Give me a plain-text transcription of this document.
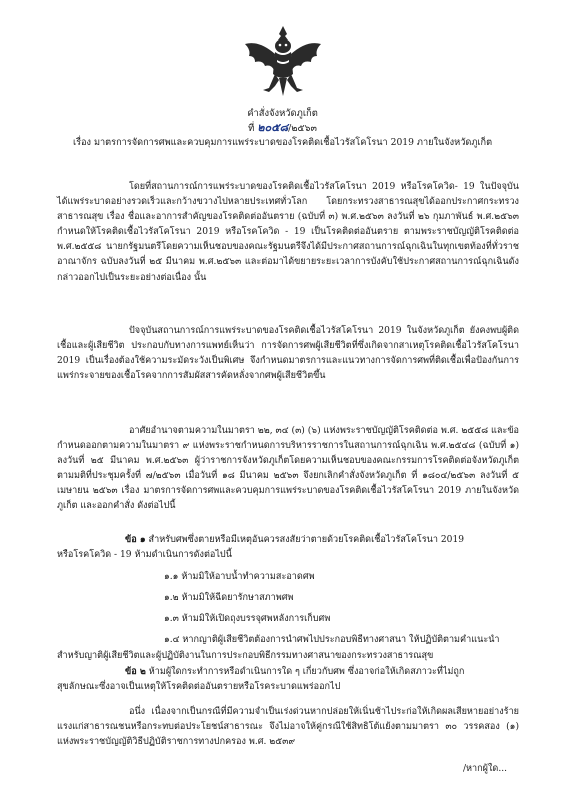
คำสั่งจังหวัดภูเก็ต
ที่ ๒๐๕๘/๒๕๖๓
เรื่อง มาตรการจัดการศพและควบคุมการแพร่ระบาดของโรคติดเชื้อไวรัสโคโรนา 2019 ภายในจังหวัดภูเก็ต

โดยที่สถานการณ์การแพร่ระบาดของโรคติดเชื้อไวรัสโคโรนา 2019 หรือโรคโควิด- 19 ในปัจจุบันได้แพร่ระบาดอย่างรวดเร็วและกว้างขวางไปหลายประเทศทั่วโลก โดยกระทรวงสาธารณสุขได้ออกประกาศกระทรวงสาธารณสุข เรื่อง ชื่อและอาการสำคัญของโรคติดต่ออันตราย (ฉบับที่ ๓) พ.ศ.๒๕๖๓ ลงวันที่ ๒๖ กุมภาพันธ์ พ.ศ.๒๕๖๓ กำหนดให้โรคติดเชื้อไวรัสโคโรนา 2019 หรือโรคโควิด - 19 เป็นโรคติดต่ออันตราย ตามพระราชบัญญัติโรคติดต่อ พ.ศ.๒๕๕๘ นายกรัฐมนตรีโดยความเห็นชอบของคณะรัฐมนตรีจึงได้มีประกาศสถานการณ์ฉุกเฉินในทุกเขตท้องที่ทั่วราชอาณาจักร ฉบับลงวันที่ ๒๕ มีนาคม พ.ศ.๒๕๖๓ และต่อมาได้ขยายระยะเวลาการบังคับใช้ประกาศสถานการณ์ฉุกเฉินดังกล่าวออกไปเป็นระยะอย่างต่อเนื่อง นั้น

ปัจจุบันสถานการณ์การแพร่ระบาดของโรคติดเชื้อไวรัสโคโรนา 2019 ในจังหวัดภูเก็ต ยังคงพบผู้ติดเชื้อและผู้เสียชีวิต ประกอบกับทางการแพทย์เห็นว่า การจัดการศพผู้เสียชีวิตที่ซึ่งเกิดจากสาเหตุโรคติดเชื้อไวรัสโคโรนา 2019 เป็นเรื่องต้องใช้ความระมัดระวังเป็นพิเศษ จึงกำหนดมาตรการและแนวทางการจัดการศพที่ติดเชื้อเพื่อป้องกันการแพร่กระจายของเชื้อโรคจากการสัมผัสสารคัดหลั่งจากศพผู้เสียชีวิตขึ้น

อาศัยอำนาจตามความในมาตรา ๒๒, ๓๔ (๓) (๖) แห่งพระราชบัญญัติโรคติดต่อ พ.ศ. ๒๕๕๘ และข้อกำหนดออกตามความในมาตรา ๙ แห่งพระราชกำหนดการบริหารราชการในสถานการณ์ฉุกเฉิน พ.ศ.๒๕๔๘ (ฉบับที่ ๑) ลงวันที่ ๒๕ มีนาคม พ.ศ.๒๕๖๓ ผู้ว่าราชการจังหวัดภูเก็ตโดยความเห็นชอบของคณะกรรมการโรคติดต่อจังหวัดภูเก็ต ตามมติที่ประชุมครั้งที่ ๗/๒๕๖๓ เมื่อวันที่ ๑๘ มีนาคม ๒๕๖๓ จึงยกเลิกคำสั่งจังหวัดภูเก็ต ที่ ๑๘๐๔/๒๕๖๓ ลงวันที่ ๕ เมษายน ๒๕๖๓ เรื่อง มาตรการจัดการศพและควบคุมการแพร่ระบาดของโรคติดเชื้อไวรัสโคโรนา 2019 ภายในจังหวัดภูเก็ต และออกคำสั่ง ดังต่อไปนี้

ข้อ ๑ สำหรับศพซึ่งตายหรือมีเหตุอันควรสงสัยว่าตายด้วยโรคติดเชื้อไวรัสโคโรนา 2019
หรือโรคโควิด - 19 ห้ามดำเนินการดังต่อไปนี้
๑.๑ ห้ามมิให้อาบน้ำทำความสะอาดศพ
๑.๒ ห้ามมิให้ฉีดยารักษาสภาพศพ
๑.๓ ห้ามมิให้เปิดถุงบรรจุศพหลังการเก็บศพ
๑.๔ หากญาติผู้เสียชีวิตต้องการนำศพไปประกอบพิธีทางศาสนา ให้ปฏิบัติตามคำแนะนำ
สำหรับญาติผู้เสียชีวิตและผู้ปฏิบัติงานในการประกอบพิธีกรรมทางศาสนาของกระทรวงสาธารณสุข
ข้อ ๒ ห้ามผู้ใดกระทำการหรือดำเนินการใด ๆ เกี่ยวกับศพ ซึ่งอาจก่อให้เกิดสภาวะที่ไม่ถูก
สุขลักษณะซึ่งอาจเป็นเหตุให้โรคติดต่ออันตรายหรือโรคระบาดแพร่ออกไป

อนึ่ง เนื่องจากเป็นกรณีที่มีความจำเป็นเร่งด่วนหากปล่อยให้เนิ่นช้าไประก่อให้เกิดผลเสียหายอย่างร้ายแรงแก่สาธารณชนหรือกระทบต่อประโยชน์สาธารณะ จึงไม่อาจให้คู่กรณีใช้สิทธิโต้แย้งตามมาตรา ๓๐ วรรคสอง (๑) แห่งพระราชบัญญัติวิธีปฏิบัติราชการทางปกครอง พ.ศ. ๒๕๓๙

/หากผู้ใด...
